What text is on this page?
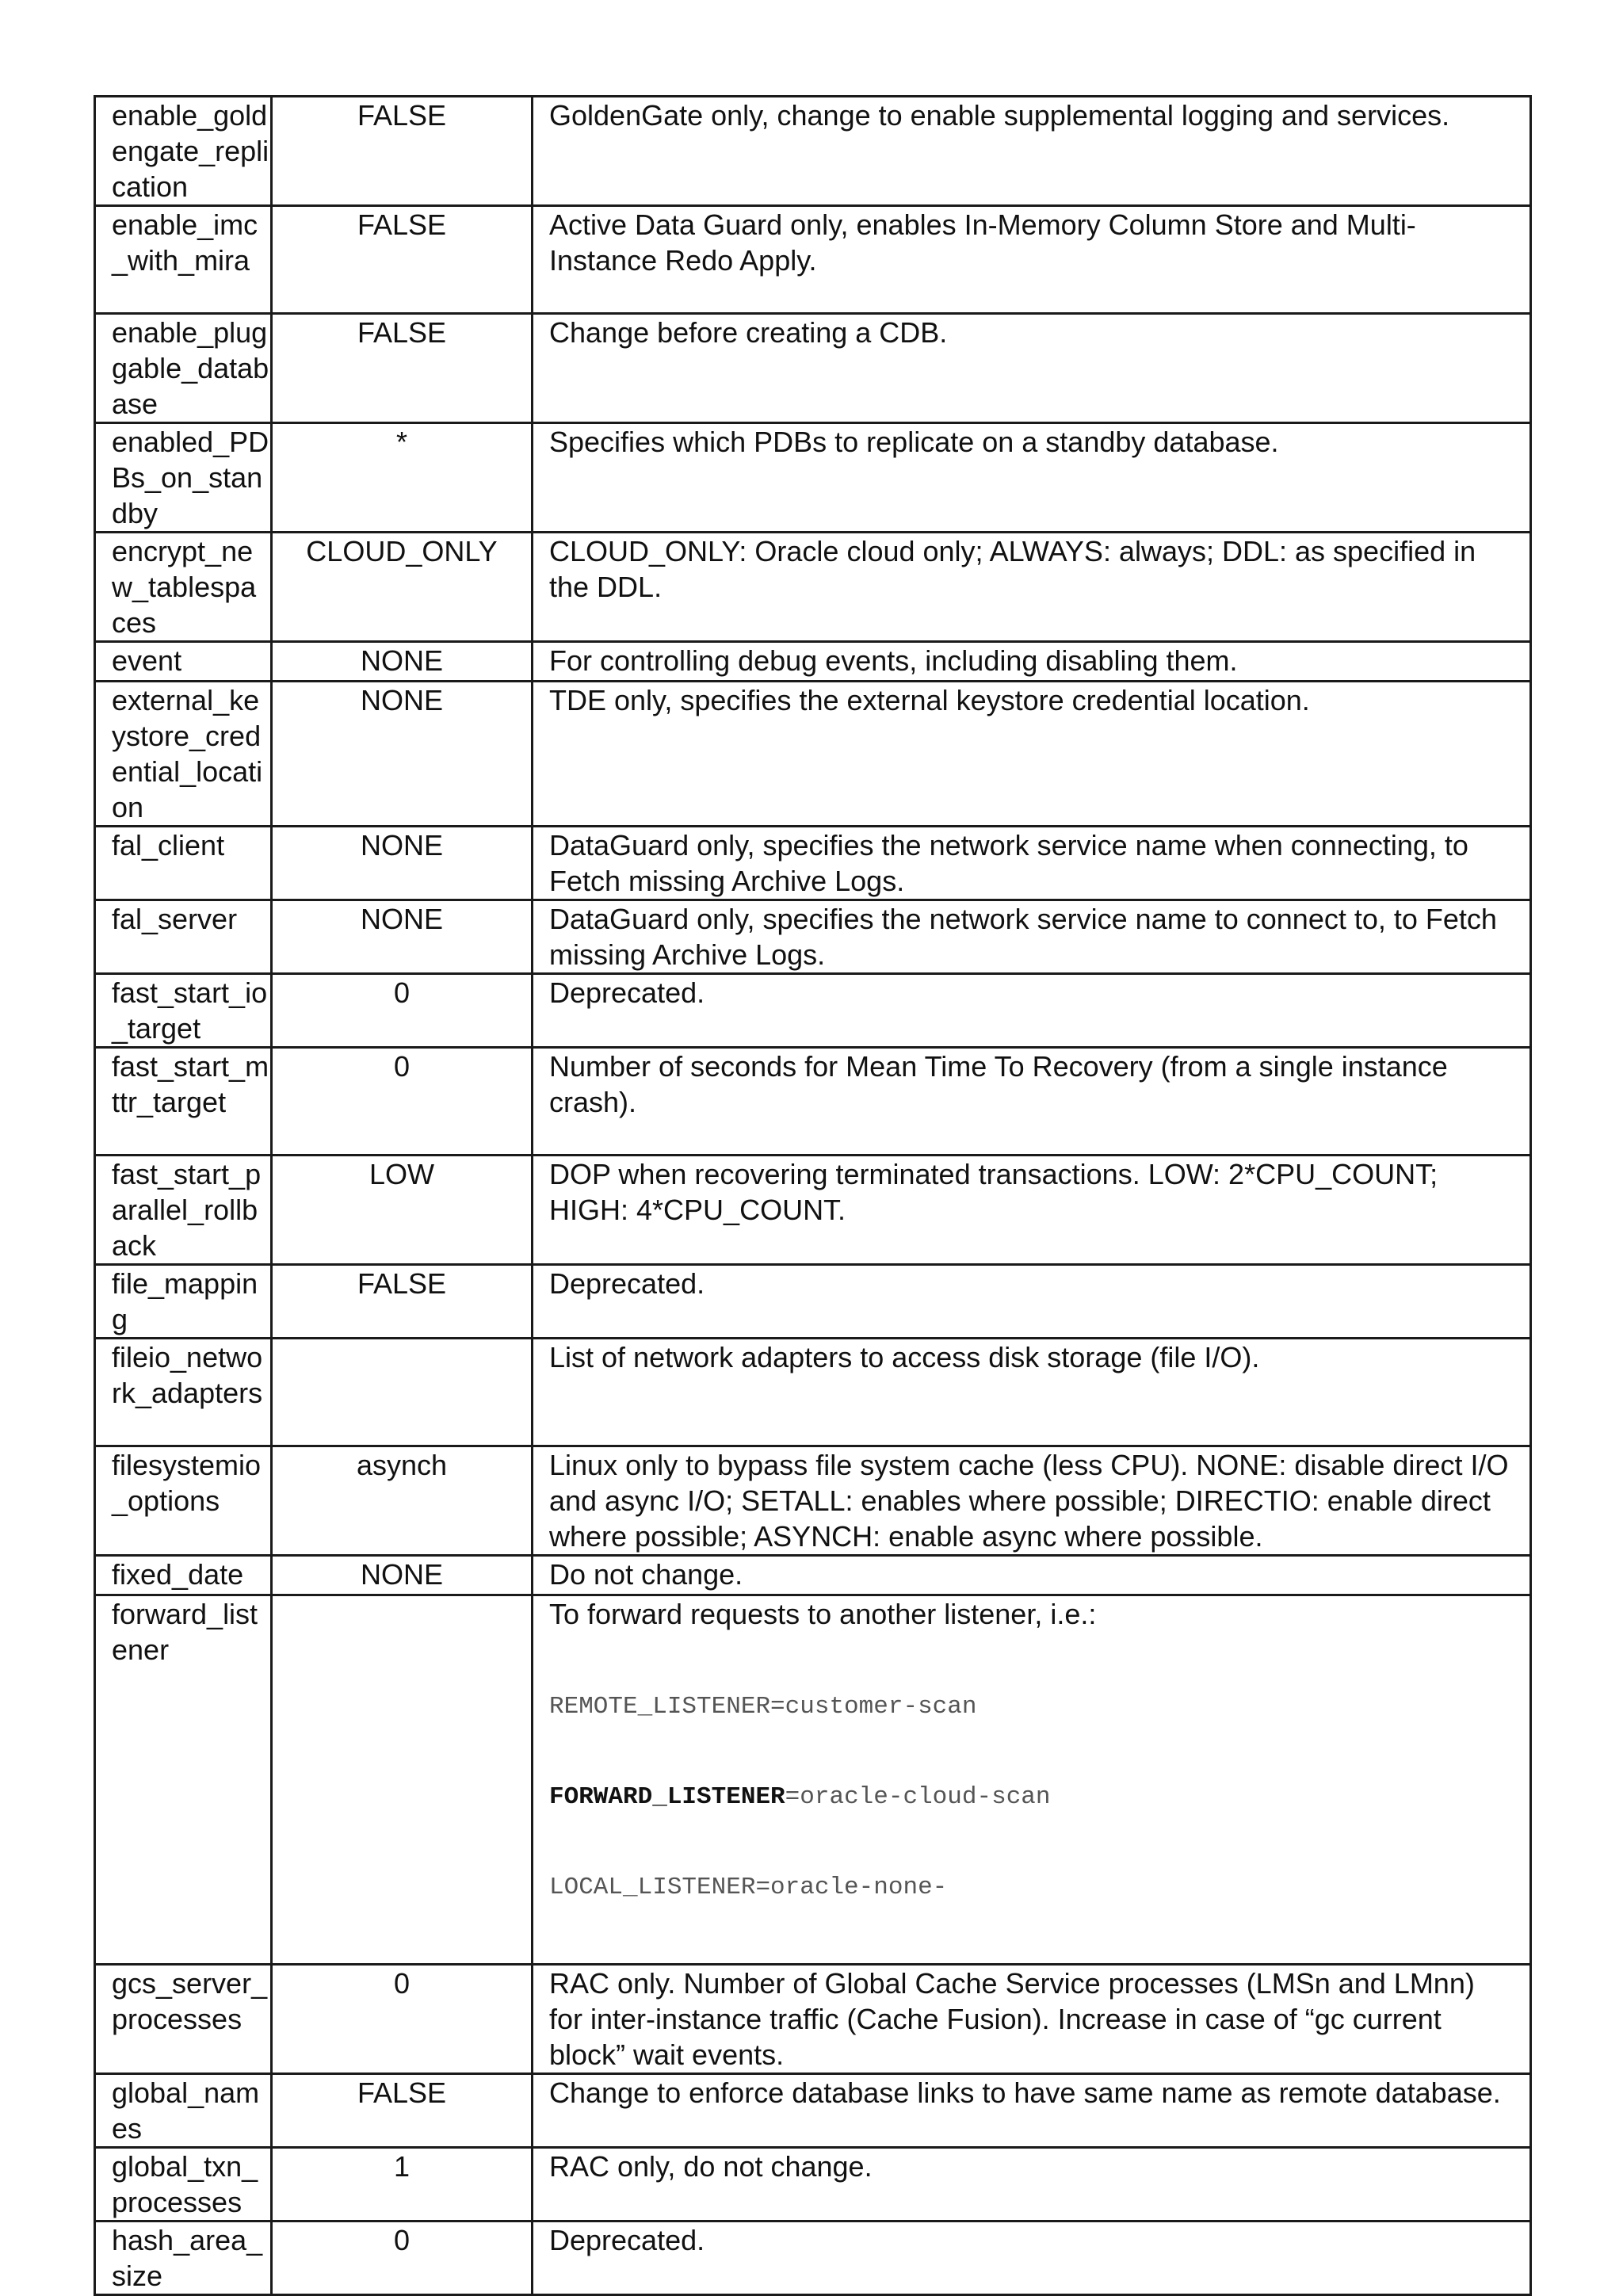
enable_goldengate_replication	FALSE	GoldenGate only, change to enable supplemental logging and services.
enable_imc_with_mira	FALSE	Active Data Guard only, enables In-Memory Column Store and Multi-Instance Redo Apply.
enable_pluggable_database	FALSE	Change before creating a CDB.
enabled_PDBs_on_standby	*	Specifies which PDBs to replicate on a standby database.
encrypt_new_tablespaces	CLOUD_ONLY	CLOUD_ONLY: Oracle cloud only; ALWAYS: always; DDL: as specified in the DDL.
event	NONE	For controlling debug events, including disabling them.
external_keystore_credential_location	NONE	TDE only, specifies the external keystore credential location.
fal_client	NONE	DataGuard only, specifies the network service name when connecting, to Fetch missing Archive Logs.
fal_server	NONE	DataGuard only, specifies the network service name to connect to, to Fetch missing Archive Logs.
fast_start_io_target	0	Deprecated.
fast_start_mttr_target	0	Number of seconds for Mean Time To Recovery (from a single instance crash).
fast_start_parallel_rollback	LOW	DOP when recovering terminated transactions. LOW: 2*CPU_COUNT; HIGH: 4*CPU_COUNT.
file_mapping	FALSE	Deprecated.
fileio_network_adapters		List of network adapters to access disk storage (file I/O).
filesystemio_options	asynch	Linux only to bypass file system cache (less CPU). NONE: disable direct I/O and async I/O; SETALL: enables where possible; DIRECTIO: enable direct where possible; ASYNCH: enable async where possible.
fixed_date	NONE	Do not change.
forward_listener		To forward requests to another listener, i.e.:

REMOTE_LISTENER=customer-scan

FORWARD_LISTENER=oracle-cloud-scan

LOCAL_LISTENER=oracle-none-

gcs_server_processes	0	RAC only. Number of Global Cache Service processes (LMSn and LMnn) for inter-instance traffic (Cache Fusion). Increase in case of “gc current block” wait events.
global_names	FALSE	Change to enforce database links to have same name as remote database.
global_txn_processes	1	RAC only, do not change.
hash_area_size	0	Deprecated.
